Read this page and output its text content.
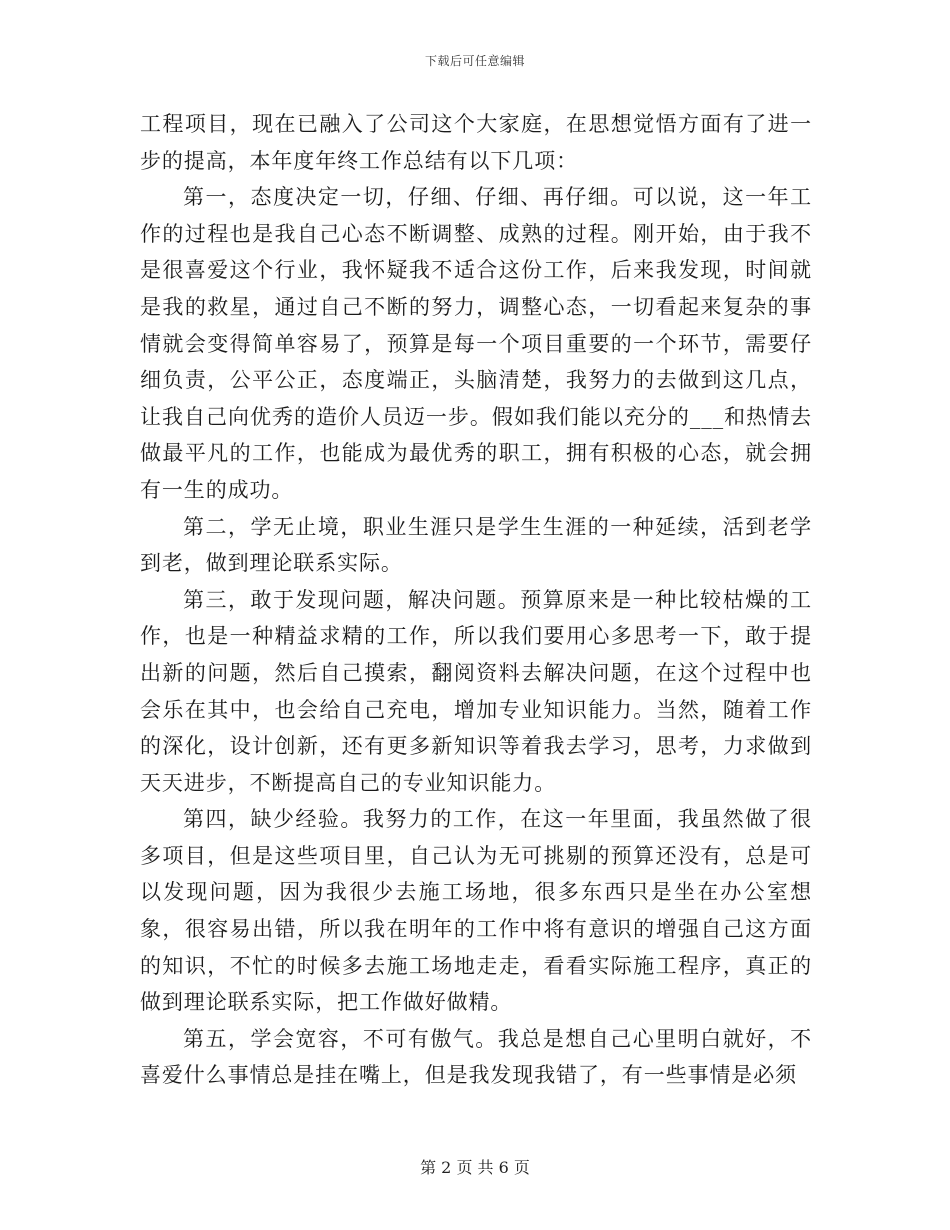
下载后可任意编辑

工程项目，现在已融入了公司这个大家庭，在思想觉悟方面有了进一步的提高，本年度年终工作总结有以下几项：

第一，态度决定一切，仔细、仔细、再仔细。可以说，这一年工作的过程也是我自己心态不断调整、成熟的过程。刚开始，由于我不是很喜爱这个行业，我怀疑我不适合这份工作，后来我发现，时间就是我的救星，通过自己不断的努力，调整心态，一切看起来复杂的事情就会变得简单容易了，预算是每一个项目重要的一个环节，需要仔细负责，公平公正，态度端正，头脑清楚，我努力的去做到这几点，让我自己向优秀的造价人员迈一步。假如我们能以充分的___和热情去做最平凡的工作，也能成为最优秀的职工，拥有积极的心态，就会拥有一生的成功。

第二，学无止境，职业生涯只是学生生涯的一种延续，活到老学到老，做到理论联系实际。

第三，敢于发现问题，解决问题。预算原来是一种比较枯燥的工作，也是一种精益求精的工作，所以我们要用心多思考一下，敢于提出新的问题，然后自己摸索，翻阅资料去解决问题，在这个过程中也会乐在其中，也会给自己充电，增加专业知识能力。当然，随着工作的深化，设计创新，还有更多新知识等着我去学习，思考，力求做到天天进步，不断提高自己的专业知识能力。

第四，缺少经验。我努力的工作，在这一年里面，我虽然做了很多项目，但是这些项目里，自己认为无可挑剔的预算还没有，总是可以发现问题，因为我很少去施工场地，很多东西只是坐在办公室想象，很容易出错，所以我在明年的工作中将有意识的增强自己这方面的知识，不忙的时候多去施工场地走走，看看实际施工程序，真正的做到理论联系实际，把工作做好做精。

第五，学会宽容，不可有傲气。我总是想自己心里明白就好，不喜爱什么事情总是挂在嘴上，但是我发现我错了，有一些事情是必须

第 2 页 共 6 页
